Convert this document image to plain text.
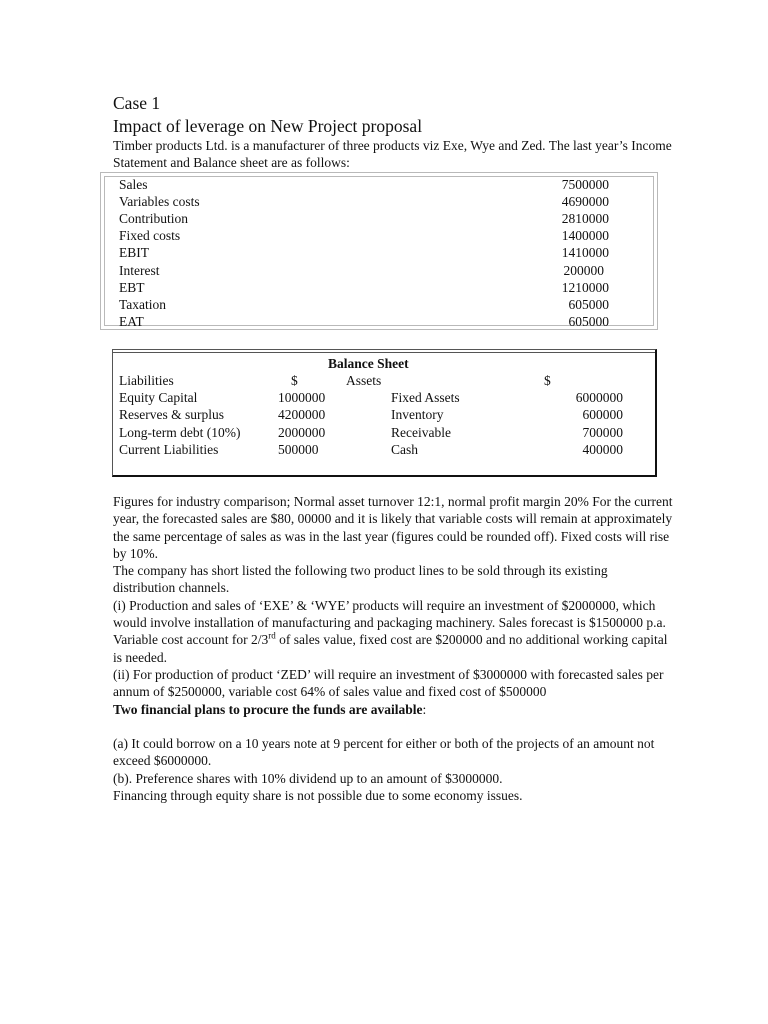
Case 1
Impact of leverage on New Project proposal
Timber products Ltd. is a manufacturer of three products viz Exe, Wye and Zed. The last year’s Income Statement and Balance sheet are as follows:
Sales	7500000
Variables costs	4690000
Contribution	2810000
Fixed costs	1400000
EBIT	1410000
Interest	200000
EBT	1210000
Taxation	605000
EAT	605000
Balance Sheet
Liabilities	$	Assets	$
Equity Capital	1000000	Fixed Assets	6000000
Reserves & surplus	4200000	Inventory	600000
Long-term debt (10%)	2000000	Receivable	700000
Current Liabilities	500000	Cash	400000

Figures for industry comparison; Normal asset turnover 12:1, normal profit margin 20% For the current year, the forecasted sales are $80, 00000 and it is likely that variable costs will remain at approximately the same percentage of sales as was in the last year (figures could be rounded off). Fixed costs will rise by 10%.

The company has short listed the following two product lines to be sold through its existing distribution channels.

(i) Production and sales of ‘EXE’ & ‘WYE’ products will require an investment of $2000000, which would involve installation of manufacturing and packaging machinery. Sales forecast is $1500000 p.a. Variable cost account for 2/3rd of sales value, fixed cost are $200000 and no additional working capital is needed.

(ii) For production of product ‘ZED’ will require an investment of $3000000 with forecasted sales per annum of $2500000, variable cost 64% of sales value and fixed cost of $500000

Two financial plans to procure the funds are available:

(a) It could borrow on a 10 years note at 9 percent for either or both of the projects of an amount not exceed $6000000.

(b). Preference shares with 10% dividend up to an amount of $3000000.

Financing through equity share is not possible due to some economy issues.
